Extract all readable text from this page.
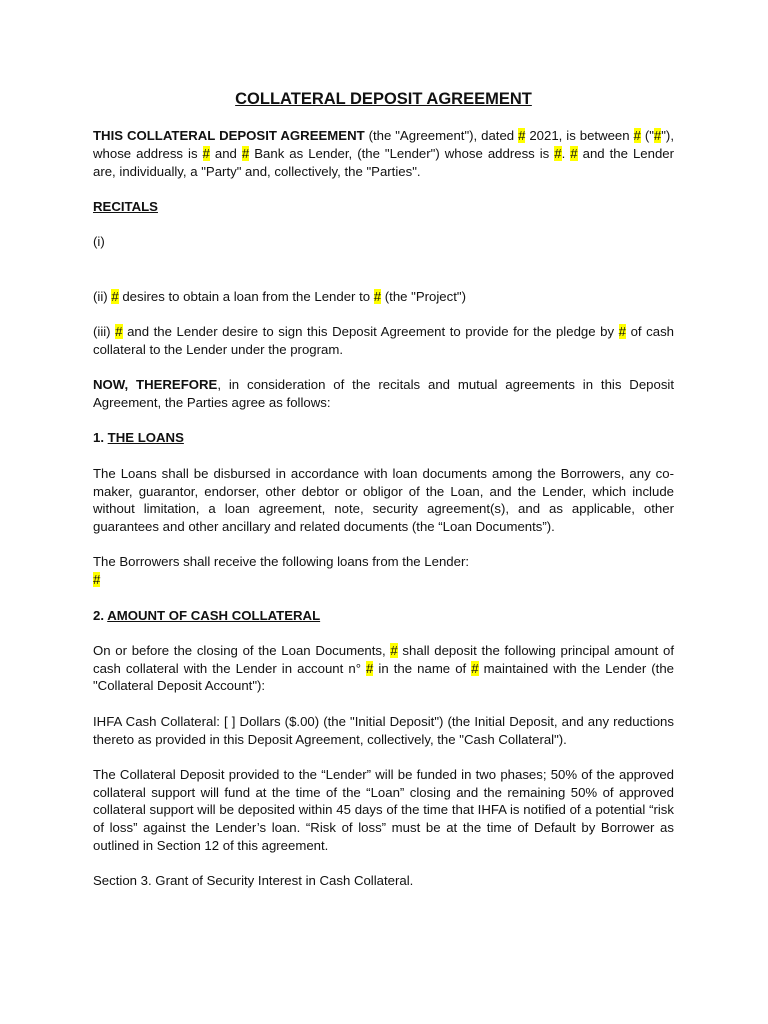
COLLATERAL DEPOSIT AGREEMENT

THIS COLLATERAL DEPOSIT AGREEMENT (the "Agreement"), dated # 2021, is between # ("#"), whose address is # and # Bank as Lender, (the "Lender") whose address is #. # and the Lender are, individually, a "Party" and, collectively, the "Parties".

RECITALS

(i)

(ii) # desires to obtain a loan from the Lender to # (the "Project")

(iii) # and the Lender desire to sign this Deposit Agreement to provide for the pledge by # of cash collateral to the Lender under the program.

NOW, THEREFORE, in consideration of the recitals and mutual agreements in this Deposit Agreement, the Parties agree as follows:

1. THE LOANS

The Loans shall be disbursed in accordance with loan documents among the Borrowers, any co-maker, guarantor, endorser, other debtor or obligor of the Loan, and the Lender, which include without limitation, a loan agreement, note, security agreement(s), and as applicable, other guarantees and other ancillary and related documents (the “Loan Documents”).

The Borrowers shall receive the following loans from the Lender:

#

2. AMOUNT OF CASH COLLATERAL

On or before the closing of the Loan Documents, # shall deposit the following principal amount of cash collateral with the Lender in account n° # in the name of # maintained with the Lender (the "Collateral Deposit Account"):

IHFA Cash Collateral: [ ] Dollars ($.00) (the "Initial Deposit") (the Initial Deposit, and any reductions thereto as provided in this Deposit Agreement, collectively, the "Cash Collateral").

The Collateral Deposit provided to the “Lender” will be funded in two phases; 50% of the approved collateral support will fund at the time of the “Loan” closing and the remaining 50% of approved collateral support will be deposited within 45 days of the time that IHFA is notified of a potential “risk of loss” against the Lender’s loan. “Risk of loss” must be at the time of Default by Borrower as outlined in Section 12 of this agreement.

Section 3. Grant of Security Interest in Cash Collateral.
